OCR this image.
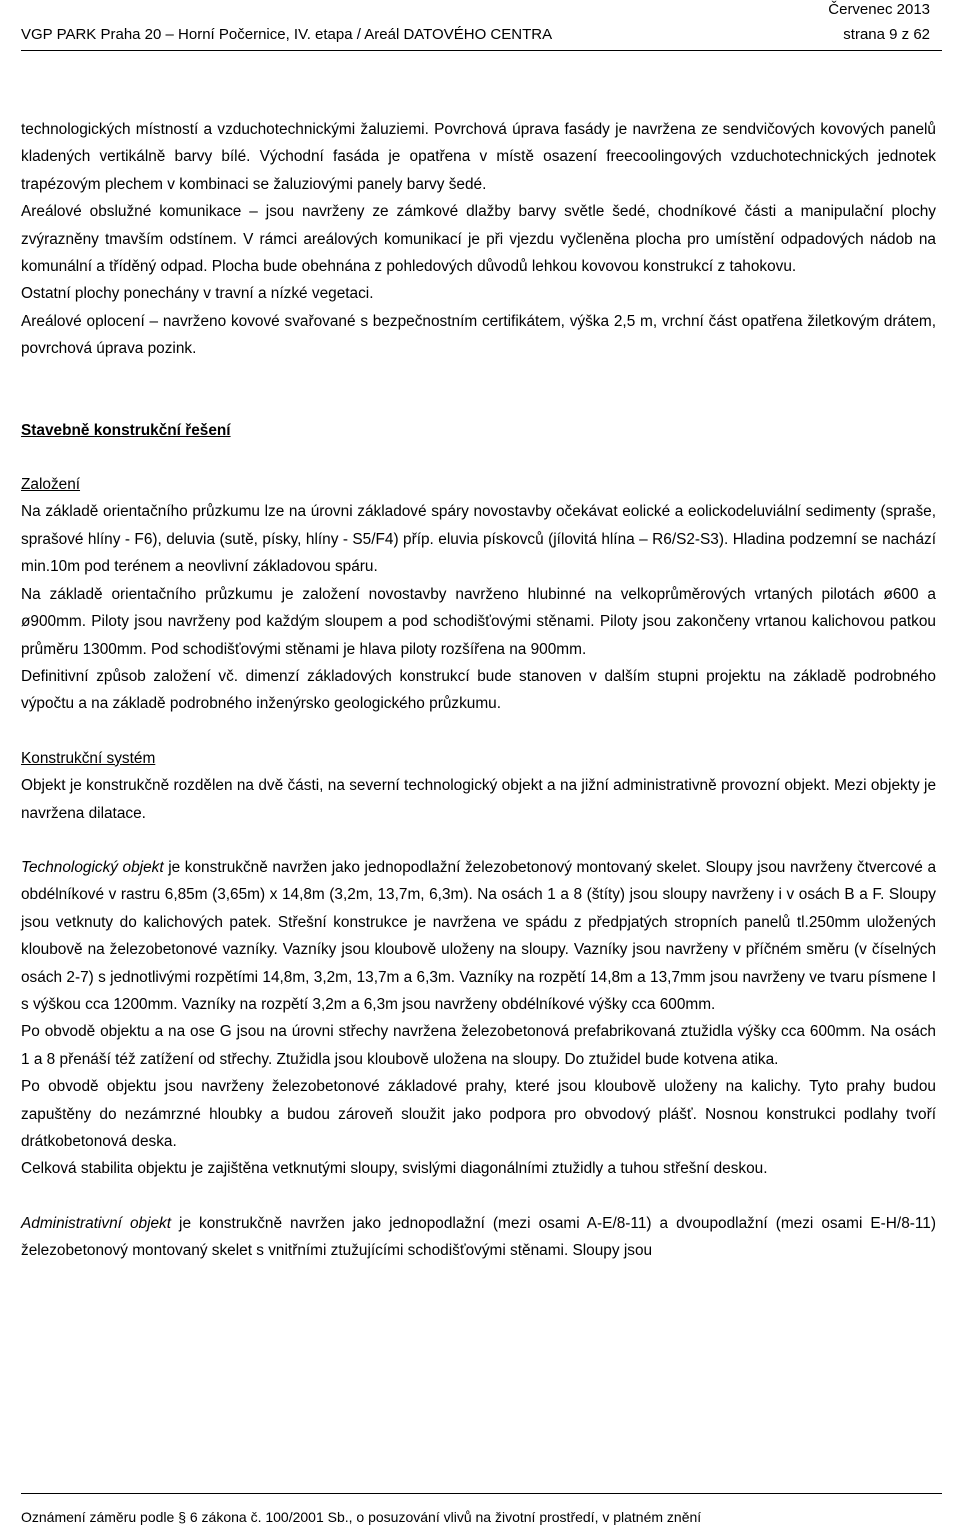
Červenec 2013
VGP PARK Praha 20 – Horní Počernice, IV. etapa / Areál DATOVÉHO CENTRA	strana 9 z 62

technologických místností a vzduchotechnickými žaluziemi. Povrchová úprava fasády je navržena ze sendvičových kovových panelů kladených vertikálně barvy bílé. Východní fasáda je opatřena v místě osazení freecoolingových vzduchotechnických jednotek trapézovým plechem v kombinaci se žaluziovými panely barvy šedé.

Areálové obslužné komunikace – jsou navrženy ze zámkové dlažby barvy světle šedé, chodníkové části a manipulační plochy zvýrazněny tmavším odstínem. V rámci areálových komunikací je při vjezdu vyčleněna plocha pro umístění odpadových nádob na komunální a tříděný odpad. Plocha bude obehnána z pohledových důvodů lehkou kovovou konstrukcí z tahokovu.

Ostatní plochy ponechány v travní a nízké vegetaci.

Areálové oplocení – navrženo kovové svařované s bezpečnostním certifikátem, výška 2,5 m, vrchní část opatřena žiletkovým drátem, povrchová úprava pozink.

Stavebně konstrukční řešení

Založení

Na základě orientačního průzkumu lze na úrovni základové spáry novostavby očekávat eolické a eolickodeluviální sedimenty (spraše, sprašové hlíny - F6), deluvia (sutě, písky, hlíny - S5/F4) příp. eluvia pískovců (jílovitá hlína – R6/S2-S3). Hladina podzemní se nachází min.10m pod terénem a neovlivní základovou spáru.

Na základě orientačního průzkumu je založení novostavby navrženo hlubinné na velkoprůměrových vrtaných pilotách ø600 a ø900mm. Piloty jsou navrženy pod každým sloupem a pod schodišťovými stěnami. Piloty jsou zakončeny vrtanou kalichovou patkou průměru 1300mm. Pod schodišťovými stěnami je hlava piloty rozšířena na 900mm.

Definitivní způsob založení vč. dimenzí základových konstrukcí bude stanoven v dalším stupni projektu na základě podrobného výpočtu a na základě podrobného inženýrsko geologického průzkumu.

Konstrukční systém

Objekt je konstrukčně rozdělen na dvě části, na severní technologický objekt a na jižní administrativně provozní objekt. Mezi objekty je navržena dilatace.

Technologický objekt je konstrukčně navržen jako jednopodlažní železobetonový montovaný skelet. Sloupy jsou navrženy čtvercové a obdélníkové v rastru 6,85m (3,65m) x 14,8m (3,2m, 13,7m, 6,3m). Na osách 1 a 8 (štíty) jsou sloupy navrženy i v osách B a F. Sloupy jsou vetknuty do kalichových patek. Střešní konstrukce je navržena ve spádu z předpjatých stropních panelů tl.250mm uložených kloubově na železobetonové vazníky. Vazníky jsou kloubově uloženy na sloupy. Vazníky jsou navrženy v příčném směru (v číselných osách 2-7) s jednotlivými rozpětími 14,8m, 3,2m, 13,7m a 6,3m. Vazníky na rozpětí 14,8m a 13,7mm jsou navrženy ve tvaru písmene I s výškou cca 1200mm. Vazníky na rozpětí 3,2m a 6,3m jsou navrženy obdélníkové výšky cca 600mm.

Po obvodě objektu a na ose G jsou na úrovni střechy navržena železobetonová prefabrikovaná ztužidla výšky cca 600mm. Na osách 1 a 8 přenáší též zatížení od střechy. Ztužidla jsou kloubově uložena na sloupy. Do ztužidel bude kotvena atika.

Po obvodě objektu jsou navrženy železobetonové základové prahy, které jsou kloubově uloženy na kalichy. Tyto prahy budou zapuštěny do nezámrzné hloubky a budou zároveň sloužit jako podpora pro obvodový plášť. Nosnou konstrukci podlahy tvoří drátkobetonová deska.

Celková stabilita objektu je zajištěna vetknutými sloupy, svislými diagonálními ztužidly a tuhou střešní deskou.

Administrativní objekt je konstrukčně navržen jako jednopodlažní (mezi osami A-E/8-11) a dvoupodlažní (mezi osami E-H/8-11) železobetonový montovaný skelet s vnitřními ztužujícími schodišťovými stěnami. Sloupy jsou

Oznámení záměru podle § 6 zákona č. 100/2001 Sb., o posuzování vlivů na životní prostředí, v platném znění
